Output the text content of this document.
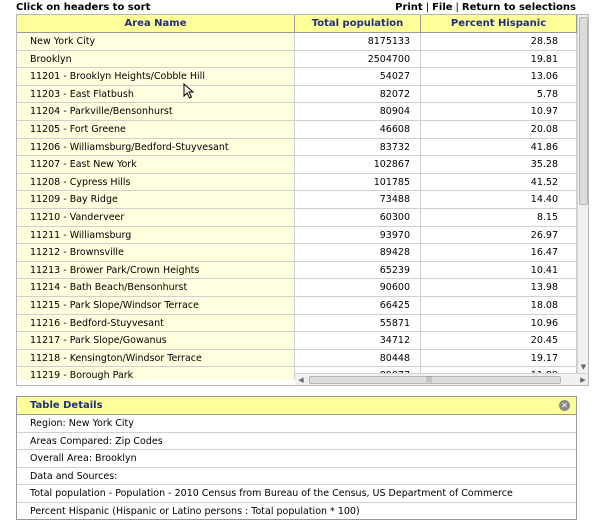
Click on headers to sort	Print | File | Return to selections
Area Name	Total population	Percent Hispanic
New York City	8175133	28.58
Brooklyn	2504700	19.81
11201 - Brooklyn Heights/Cobble Hill	54027	13.06
11203 - East Flatbush	82072	5.78
11204 - Parkville/Bensonhurst	80904	10.97
11205 - Fort Greene	46608	20.08
11206 - Williamsburg/Bedford-Stuyvesant	83732	41.86
11207 - East New York	102867	35.28
11208 - Cypress Hills	101785	41.52
11209 - Bay Ridge	73488	14.40
11210 - Vanderveer	60300	8.15
11211 - Williamsburg	93970	26.97
11212 - Brownsville	89428	16.47
11213 - Brower Park/Crown Heights	65239	10.41
11214 - Bath Beach/Bensonhurst	90600	13.98
11215 - Park Slope/Windsor Terrace	66425	18.08
11216 - Bedford-Stuyvesant	55871	10.96
11217 - Park Slope/Gowanus	34712	20.45
11218 - Kensington/Windsor Terrace	80448	19.17
11219 - Borough Park
▼
◀	|||	▶
Table Details	✕
Region: New York City
Areas Compared: Zip Codes
Overall Area: Brooklyn
Data and Sources:
Total population - Population - 2010 Census from Bureau of the Census, US Department of Commerce
Percent Hispanic (Hispanic or Latino persons : Total population * 100)
